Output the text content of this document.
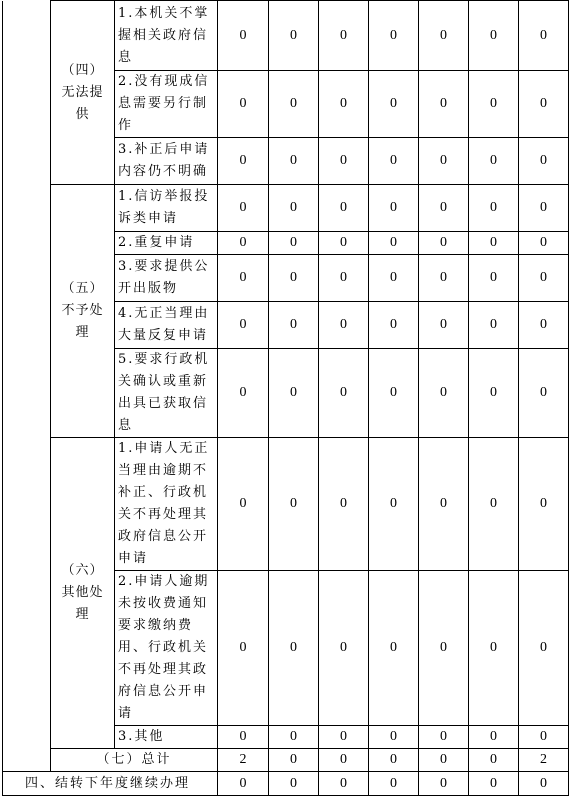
	（四）无法提供	1.本机关不掌握相关政府信息	0	0	0	0	0	0	0
		2.没有现成信息需要另行制作	0	0	0	0	0	0	0
		3.补正后申请内容仍不明确	0	0	0	0	0	0	0
	（五）不予处理	1.信访举报投诉类申请	0	0	0	0	0	0	0
		2.重复申请	0	0	0	0	0	0	0
		3.要求提供公开出版物	0	0	0	0	0	0	0
		4.无正当理由大量反复申请	0	0	0	0	0	0	0
		5.要求行政机关确认或重新出具已获取信息	0	0	0	0	0	0	0
	（六）其他处理	1.申请人无正当理由逾期不补正、行政机关不再处理其政府信息公开申请	0	0	0	0	0	0	0
		2.申请人逾期未按收费通知要求缴纳费用、行政机关不再处理其政府信息公开申请	0	0	0	0	0	0	0
		3.其他	0	0	0	0	0	0	0
	（七）总计		2	0	0	0	0	0	2
四、结转下年度继续办理			0	0	0	0	0	0	0
